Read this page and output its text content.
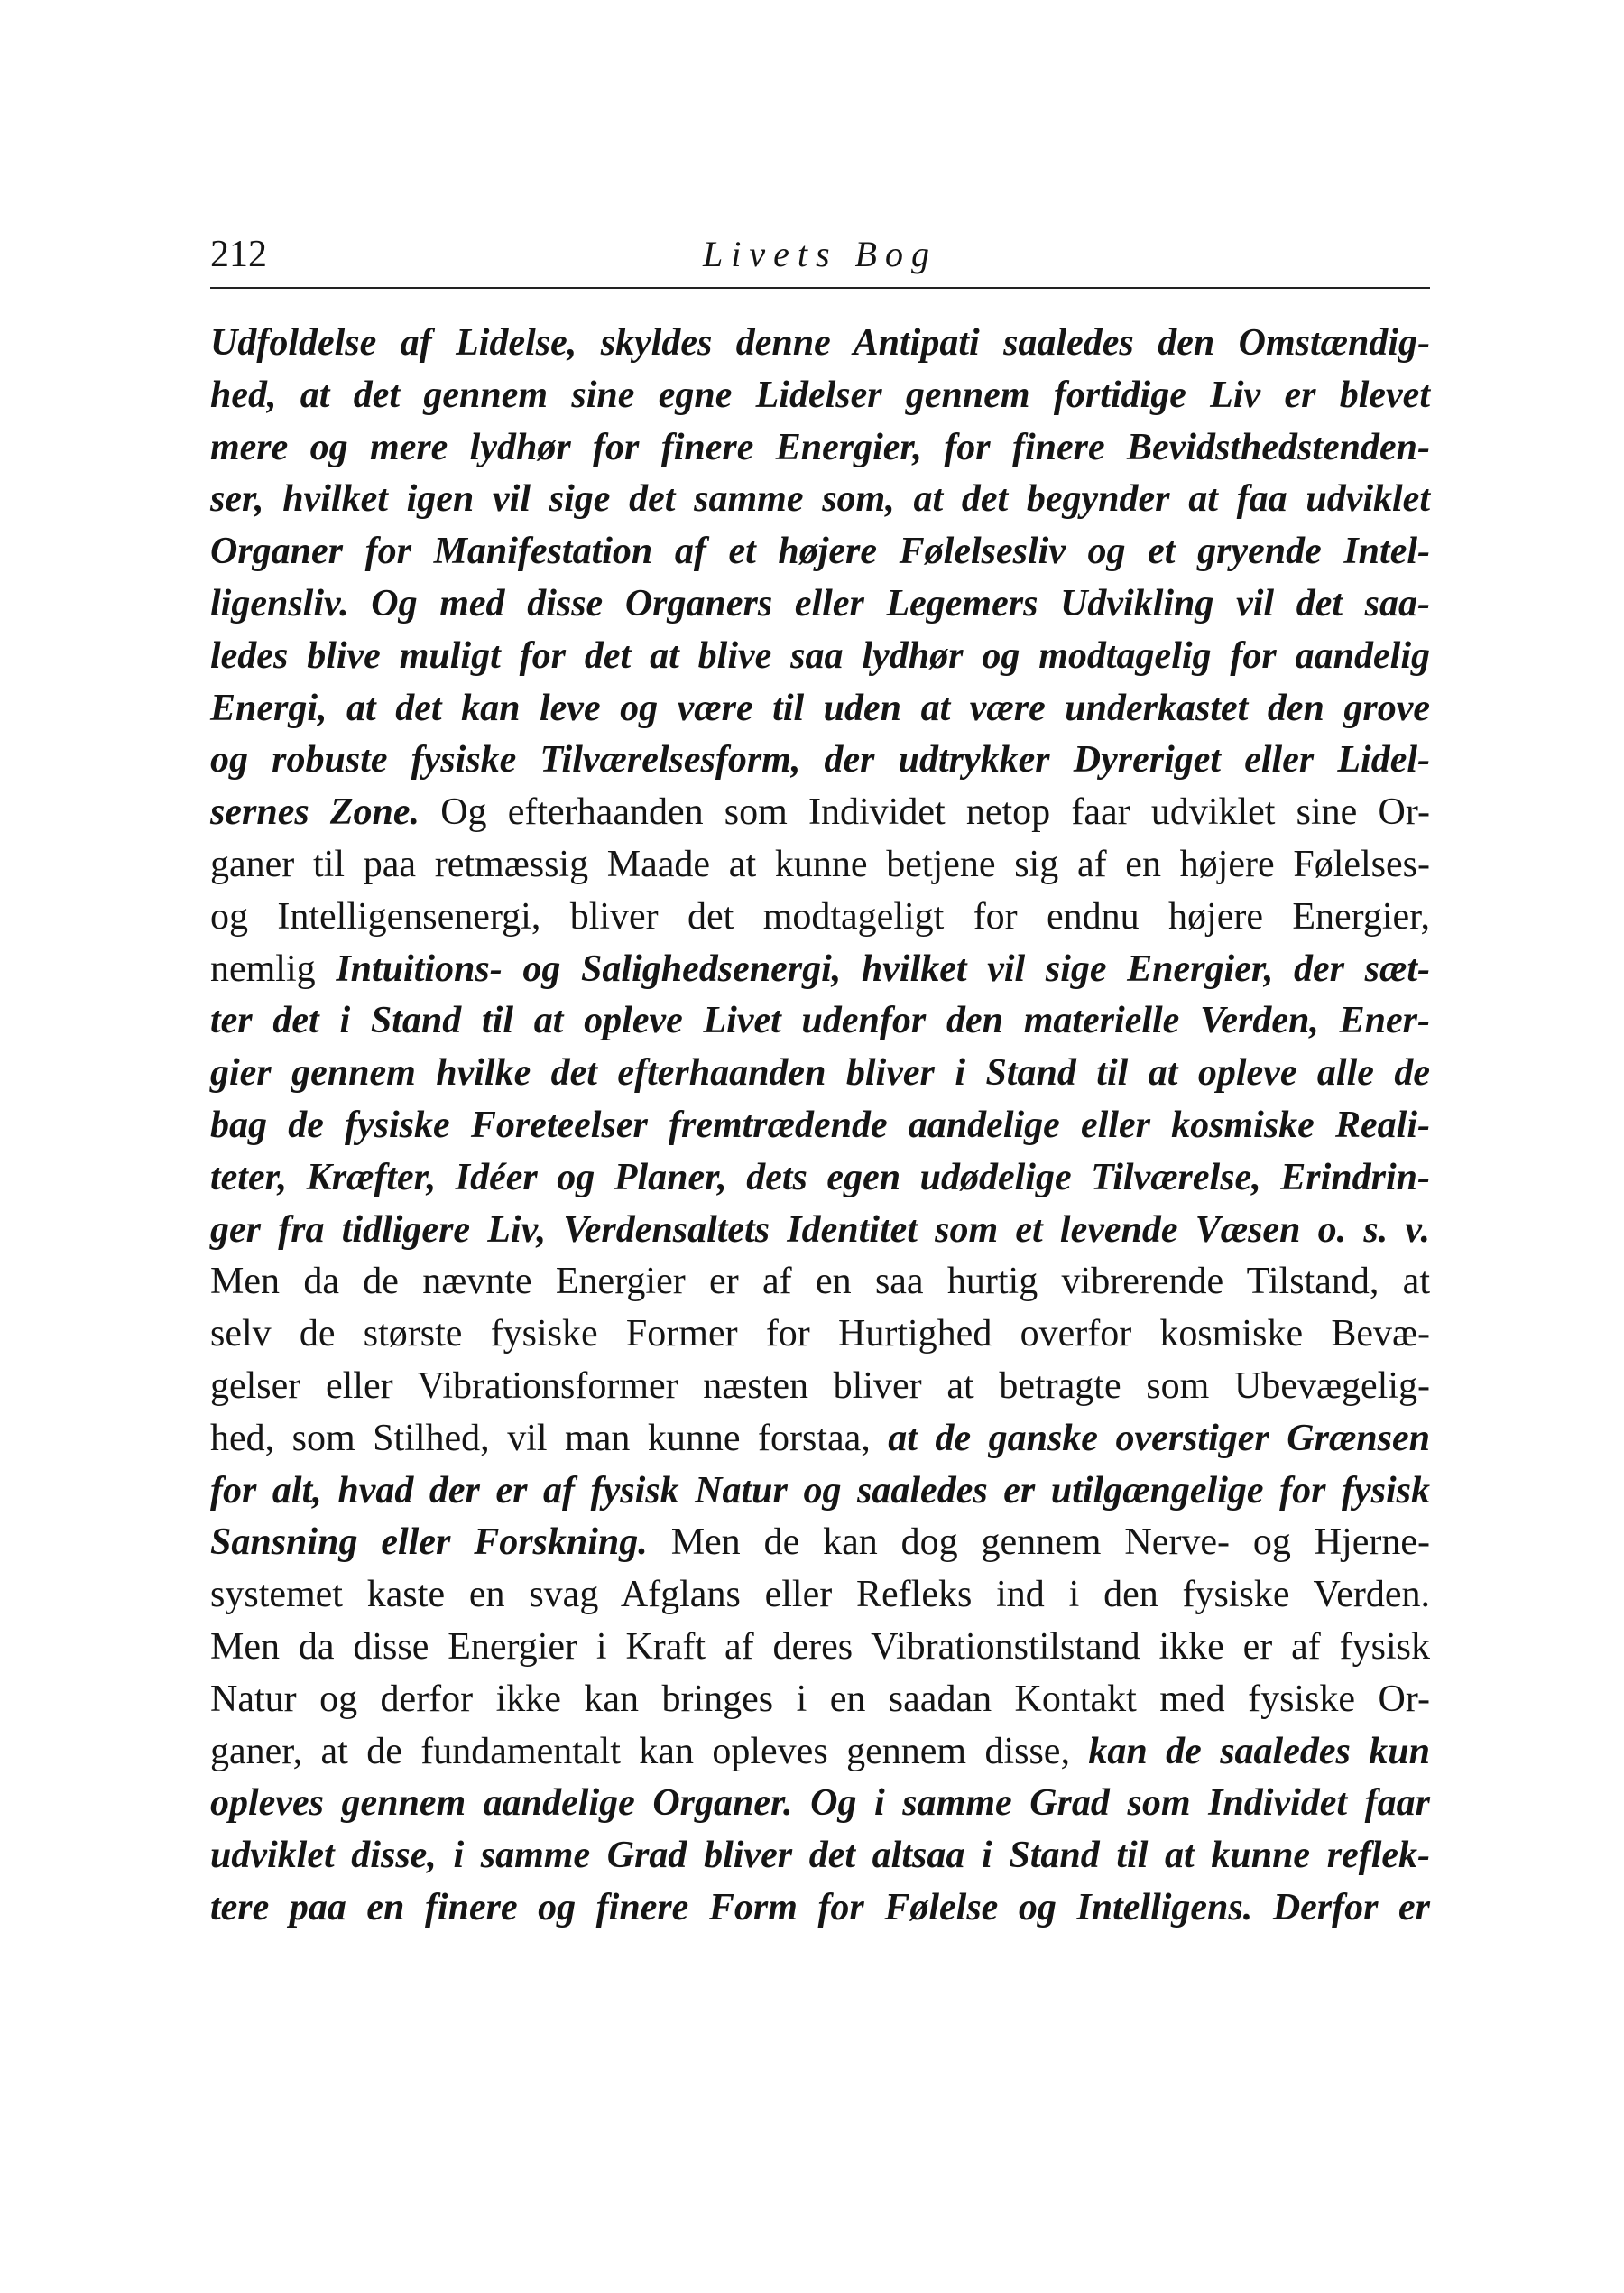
212	Livets Bog
Udfoldelse af Lidelse, skyldes denne Antipati saaledes den Omstændig-
hed, at det gennem sine egne Lidelser gennem fortidige Liv er blevet
mere og mere lydhør for finere Energier, for finere Bevidsthedstenden-
ser, hvilket igen vil sige det samme som, at det begynder at faa udviklet
Organer for Manifestation af et højere Følelsesliv og et gryende Intel-
ligensliv. Og med disse Organers eller Legemers Udvikling vil det saa-
ledes blive muligt for det at blive saa lydhør og modtagelig for aandelig
Energi, at det kan leve og være til uden at være underkastet den grove
og robuste fysiske Tilværelsesform, der udtrykker Dyreriget eller Lidel-
sernes Zone. Og efterhaanden som Individet netop faar udviklet sine Or-
ganer til paa retmæssig Maade at kunne betjene sig af en højere Følelses-
og Intelligensenergi, bliver det modtageligt for endnu højere Energier,
nemlig Intuitions- og Salighedsenergi, hvilket vil sige Energier, der sæt-
ter det i Stand til at opleve Livet udenfor den materielle Verden, Ener-
gier gennem hvilke det efterhaanden bliver i Stand til at opleve alle de
bag de fysiske Foreteelser fremtrædende aandelige eller kosmiske Reali-
teter, Kræfter, Idéer og Planer, dets egen udødelige Tilværelse, Erindrin-
ger fra tidligere Liv, Verdensaltets Identitet som et levende Væsen o. s. v.
Men da de nævnte Energier er af en saa hurtig vibrerende Tilstand, at
selv de største fysiske Former for Hurtighed overfor kosmiske Bevæ-
gelser eller Vibrationsformer næsten bliver at betragte som Ubevægelig-
hed, som Stilhed, vil man kunne forstaa, at de ganske overstiger Grænsen
for alt, hvad der er af fysisk Natur og saaledes er utilgængelige for fysisk
Sansning eller Forskning. Men de kan dog gennem Nerve- og Hjerne-
systemet kaste en svag Afglans eller Refleks ind i den fysiske Verden.
Men da disse Energier i Kraft af deres Vibrationstilstand ikke er af fysisk
Natur og derfor ikke kan bringes i en saadan Kontakt med fysiske Or-
ganer, at de fundamentalt kan opleves gennem disse, kan de saaledes kun
opleves gennem aandelige Organer. Og i samme Grad som Individet faar
udviklet disse, i samme Grad bliver det altsaa i Stand til at kunne reflek-
tere paa en finere og finere Form for Følelse og Intelligens. Derfor er
